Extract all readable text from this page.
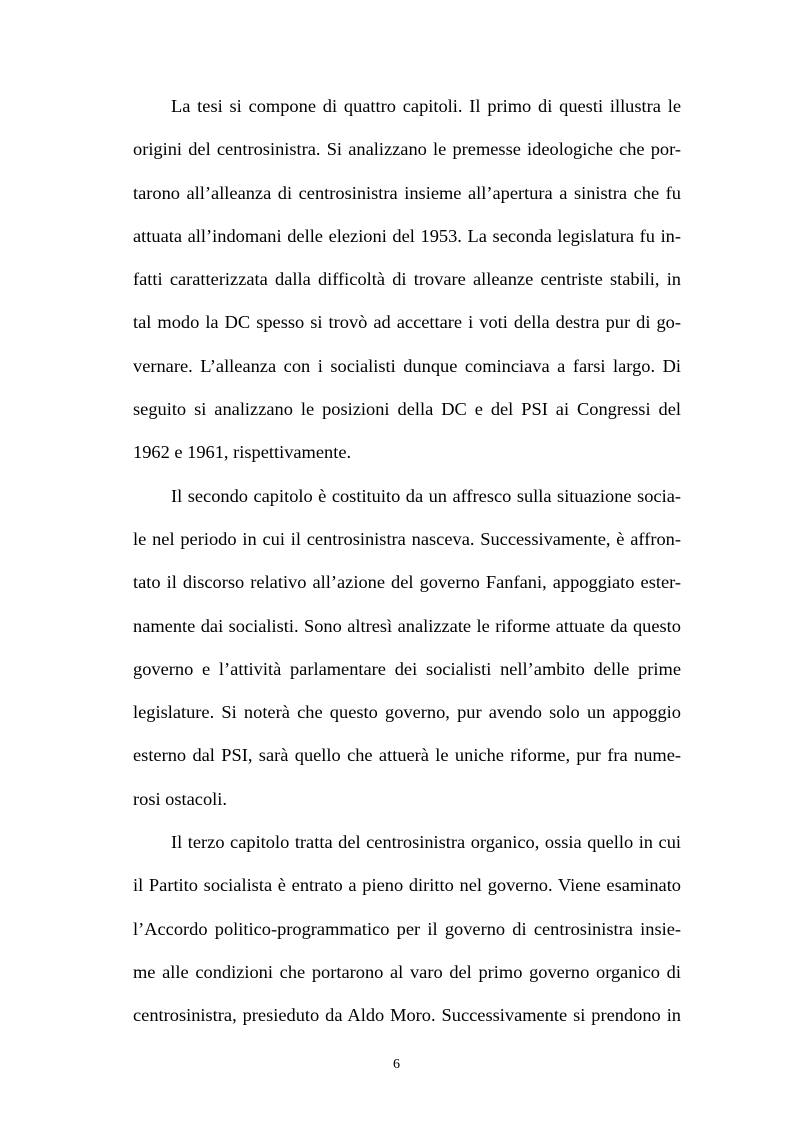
La tesi si compone di quattro capitoli. Il primo di questi illustra le
origini del centrosinistra. Si analizzano le premesse ideologiche che por-
tarono all’alleanza di centrosinistra insieme all’apertura a sinistra che fu
attuata all’indomani delle elezioni del 1953. La seconda legislatura fu in-
fatti caratterizzata dalla difficoltà di trovare alleanze centriste stabili, in
tal modo la DC spesso si trovò ad accettare i voti della destra pur di go-
vernare. L’alleanza con i socialisti dunque cominciava a farsi largo. Di
seguito si analizzano le posizioni della DC e del PSI ai Congressi del
1962 e 1961, rispettivamente.
Il secondo capitolo è costituito da un affresco sulla situazione socia-
le nel periodo in cui il centrosinistra nasceva. Successivamente, è affron-
tato il discorso relativo all’azione del governo Fanfani, appoggiato ester-
namente dai socialisti. Sono altresì analizzate le riforme attuate da questo
governo e l’attività parlamentare dei socialisti nell’ambito delle prime
legislature. Si noterà che questo governo, pur avendo solo un appoggio
esterno dal PSI, sarà quello che attuerà le uniche riforme, pur fra nume-
rosi ostacoli.
Il terzo capitolo tratta del centrosinistra organico, ossia quello in cui
il Partito socialista è entrato a pieno diritto nel governo. Viene esaminato
l’Accordo politico-programmatico per il governo di centrosinistra insie-
me alle condizioni che portarono al varo del primo governo organico di
centrosinistra, presieduto da Aldo Moro. Successivamente si prendono in
6
